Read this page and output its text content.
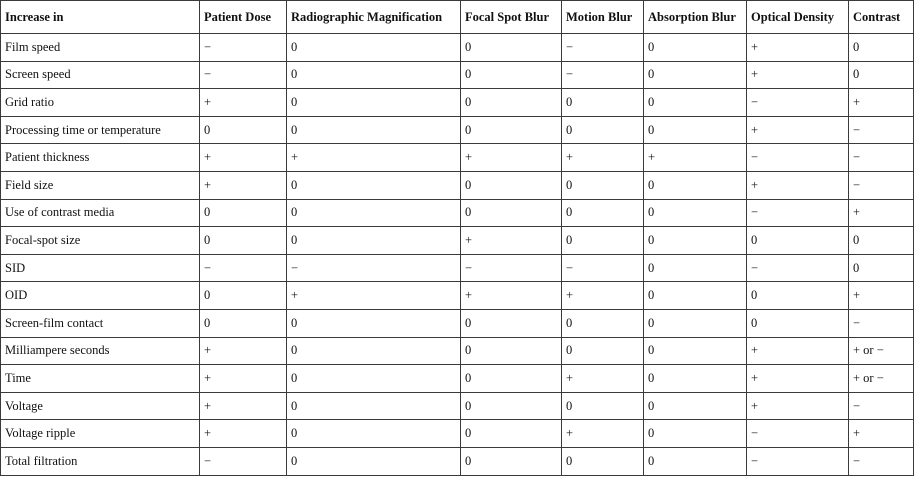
Increase in	Patient Dose	Radiographic Magnification	Focal Spot Blur	Motion Blur	Absorption Blur	Optical Density	Contrast
Film speed	−	0	0	−	0	+	0
Screen speed	−	0	0	−	0	+	0
Grid ratio	+	0	0	0	0	−	+
Processing time or temperature	0	0	0	0	0	+	−
Patient thickness	+	+	+	+	+	−	−
Field size	+	0	0	0	0	+	−
Use of contrast media	0	0	0	0	0	−	+
Focal-spot size	0	0	+	0	0	0	0
SID	−	−	−	−	0	−	0
OID	0	+	+	+	0	0	+
Screen-film contact	0	0	0	0	0	0	−
Milliampere seconds	+	0	0	0	0	+	+ or −
Time	+	0	0	+	0	+	+ or −
Voltage	+	0	0	0	0	+	−
Voltage ripple	+	0	0	+	0	−	+
Total filtration	−	0	0	0	0	−	−
